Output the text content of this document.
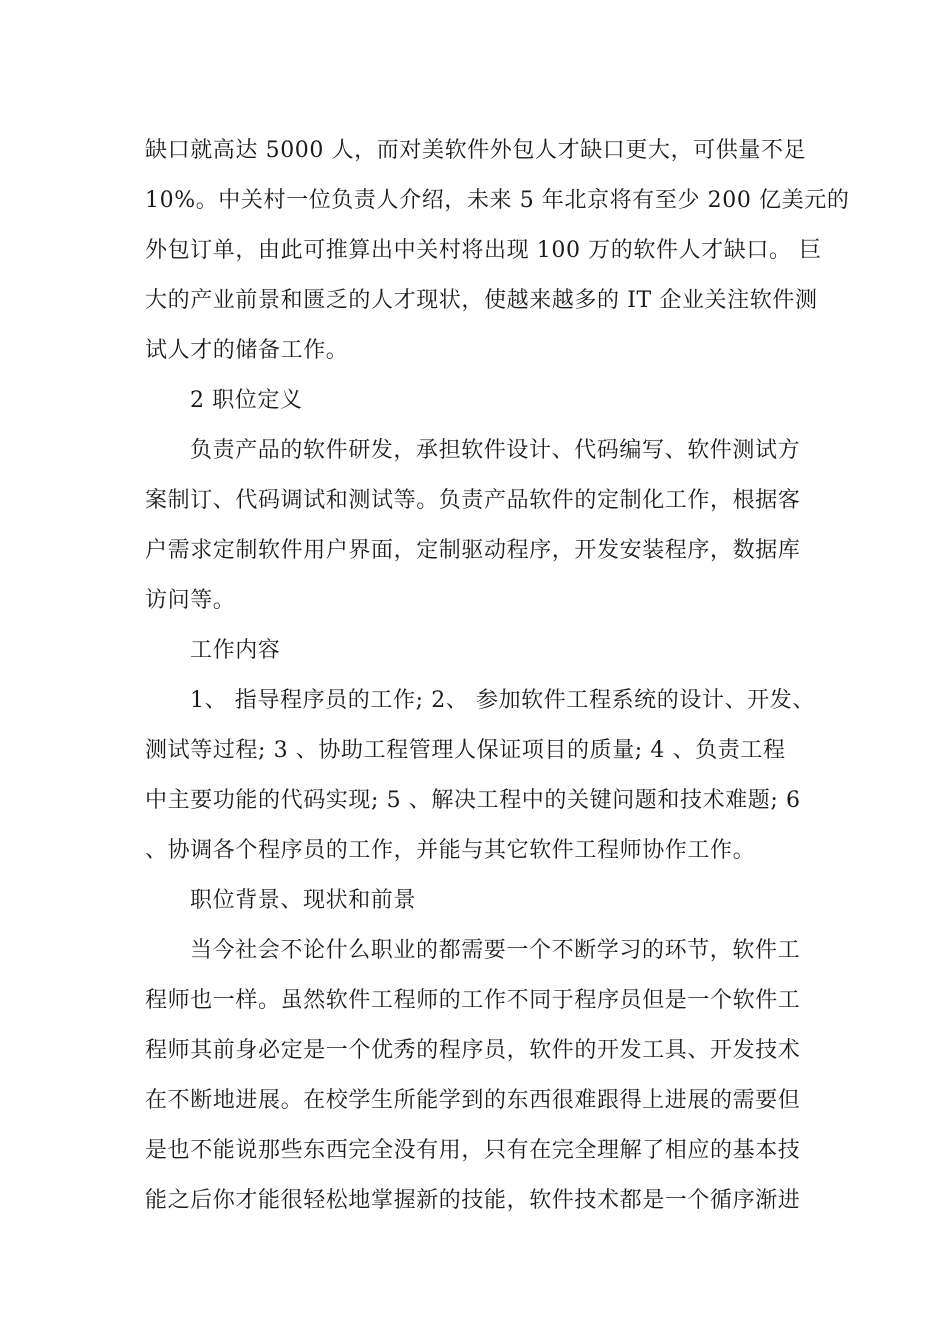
缺口就高达 5000 人，而对美软件外包人才缺口更大，可供量不足
10%。中关村一位负责人介绍，未来 5 年北京将有至少 200 亿美元的
外包订单，由此可推算出中关村将出现 100 万的软件人才缺口。 巨
大的产业前景和匮乏的人才现状，使越来越多的 IT 企业关注软件测
试人才的储备工作。
2 职位定义
负责产品的软件研发，承担软件设计、代码编写、软件测试方
案制订、代码调试和测试等。负责产品软件的定制化工作，根据客
户需求定制软件用户界面，定制驱动程序，开发安装程序，数据库
访问等。
工作内容
1、 指导程序员的工作; 2、 参加软件工程系统的设计、开发、
测试等过程; 3 、协助工程管理人保证项目的质量; 4 、负责工程
中主要功能的代码实现; 5 、解决工程中的关键问题和技术难题; 6
、协调各个程序员的工作，并能与其它软件工程师协作工作。
职位背景、现状和前景
当今社会不论什么职业的都需要一个不断学习的环节，软件工
程师也一样。虽然软件工程师的工作不同于程序员但是一个软件工
程师其前身必定是一个优秀的程序员，软件的开发工具、开发技术
在不断地进展。在校学生所能学到的东西很难跟得上进展的需要但
是也不能说那些东西完全没有用，只有在完全理解了相应的基本技
能之后你才能很轻松地掌握新的技能，软件技术都是一个循序渐进
